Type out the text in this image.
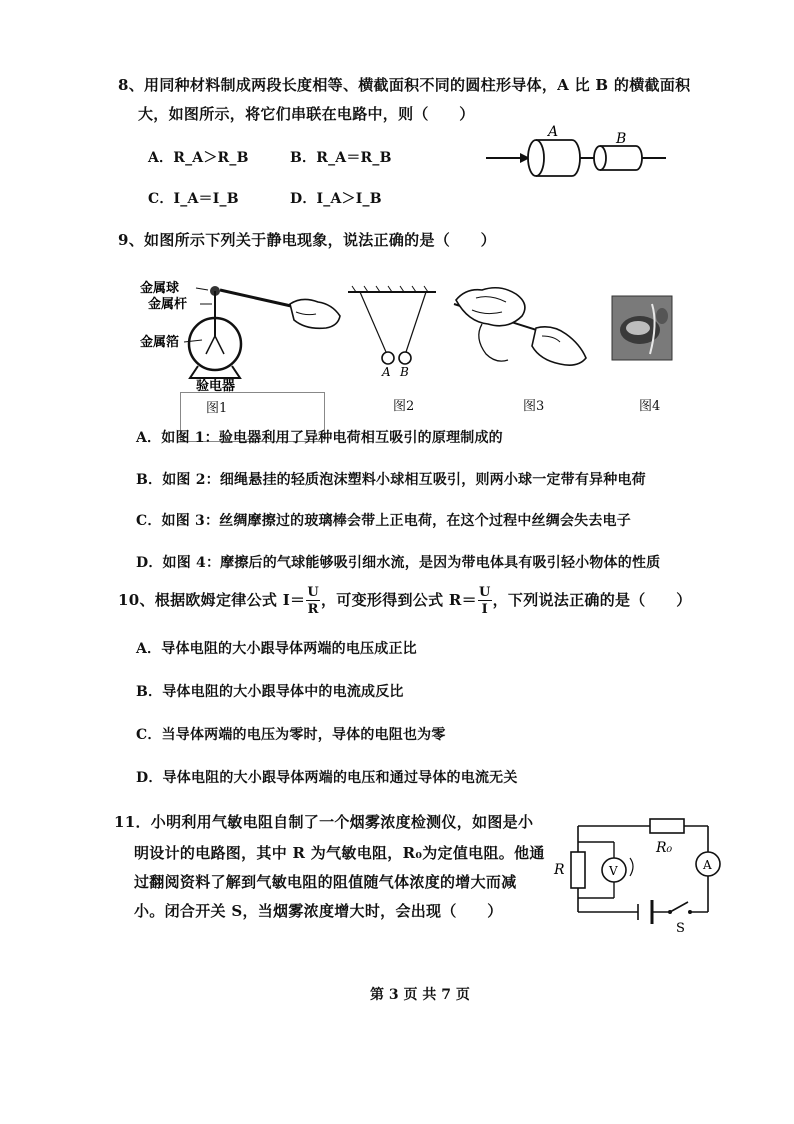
8、用同种材料制成两段长度相等、横截面积不同的圆柱形导体，A 比 B 的横截面积
大，如图所示，将它们串联在电路中，则（　　）
A．R_A＞R_B	B．R_A＝R_B
C．I_A＝I_B	D．I_A＞I_B
A	B
9、如图所示下列关于静电现象，说法正确的是（　　）
金属球
金属杆
金属箔
验电器
A B
图1	图2	图3	图4
A．如图 1：验电器利用了异种电荷相互吸引的原理制成的
B．如图 2：细绳悬挂的轻质泡沫塑料小球相互吸引，则两小球一定带有异种电荷
C．如图 3：丝绸摩擦过的玻璃棒会带上正电荷，在这个过程中丝绸会失去电子
D．如图 4：摩擦后的气球能够吸引细水流，是因为带电体具有吸引轻小物体的性质
10、根据欧姆定律公式 $I= \frac{U}{R}$ ，可变形得到公式 $R= \frac{U}{I}$ ，下列说法正确的是（　　）
A．导体电阻的大小跟导体两端的电压成正比
B．导体电阻的大小跟导体中的电流成反比
C．当导体两端的电压为零时，导体的电阻也为零
D．导体电阻的大小跟导体两端的电压和通过导体的电流无关
11．小明利用气敏电阻自制了一个烟雾浓度检测仪，如图是小
明设计的电路图，其中 R 为气敏电阻，R₀为定值电阻。他通
过翻阅资料了解到气敏电阻的阻值随气体浓度的增大而减
小。闭合开关 S，当烟雾浓度增大时，会出现（　　）
R₀
R	V	A
S
第 3 页 共 7 页
